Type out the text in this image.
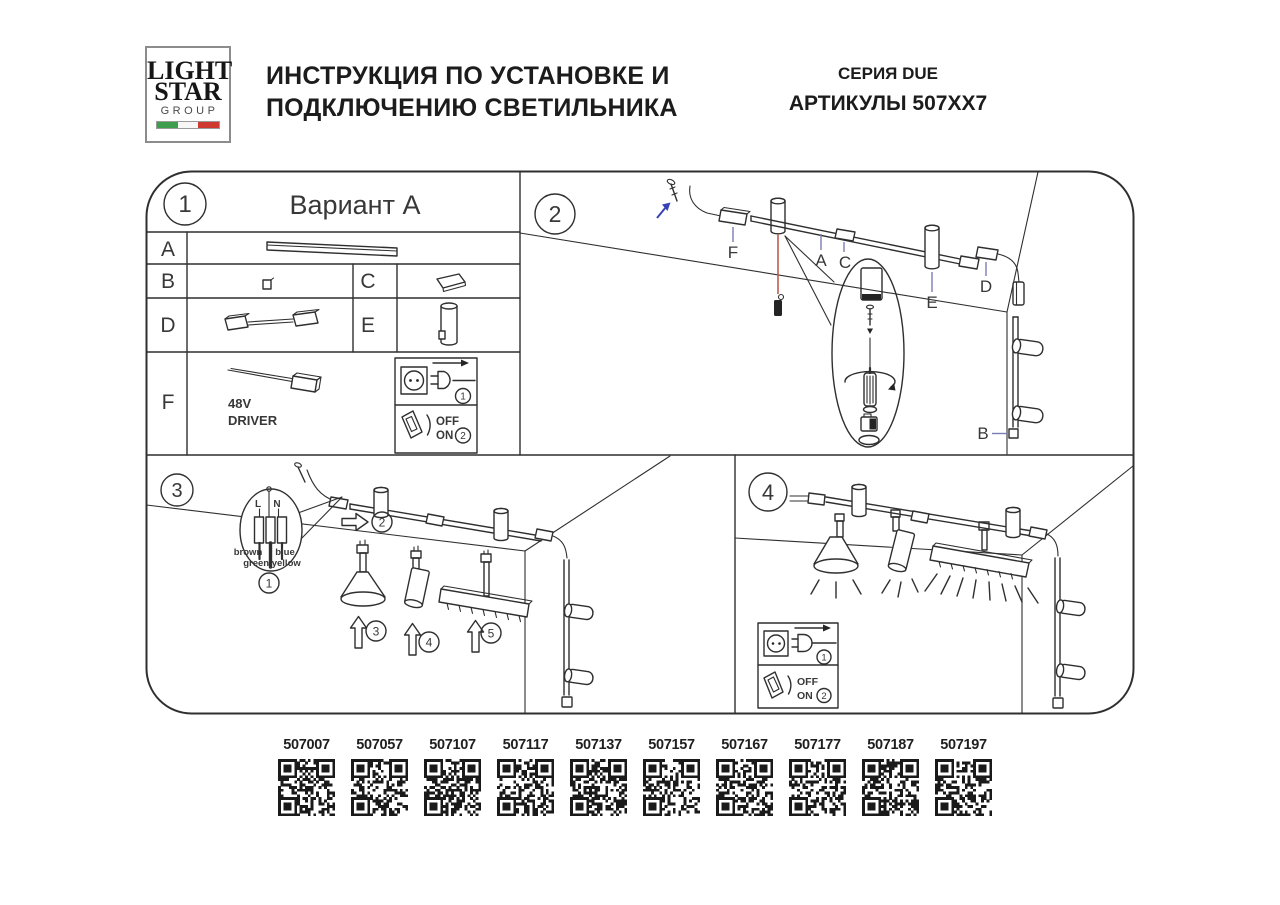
LIGHT
STAR
GROUP
ИНСТРУКЦИЯ ПО УСТАНОВКЕ И
ПОДКЛЮЧЕНИЮ СВЕТИЛЬНИКА
СЕРИЯ DUE
АРТИКУЛЫ 507XX7
1	Вариант A
A
B	C
D	E
F	48V
DRIVER
1
OFF
ON 2
2
F	A C
E
D
B
3
L N
brown blue
green yellow
1
2
3
4
5
4
1
OFF
ON 2
507007	507057	507107	507117	507137	507157	507167	507177	507187	507197
